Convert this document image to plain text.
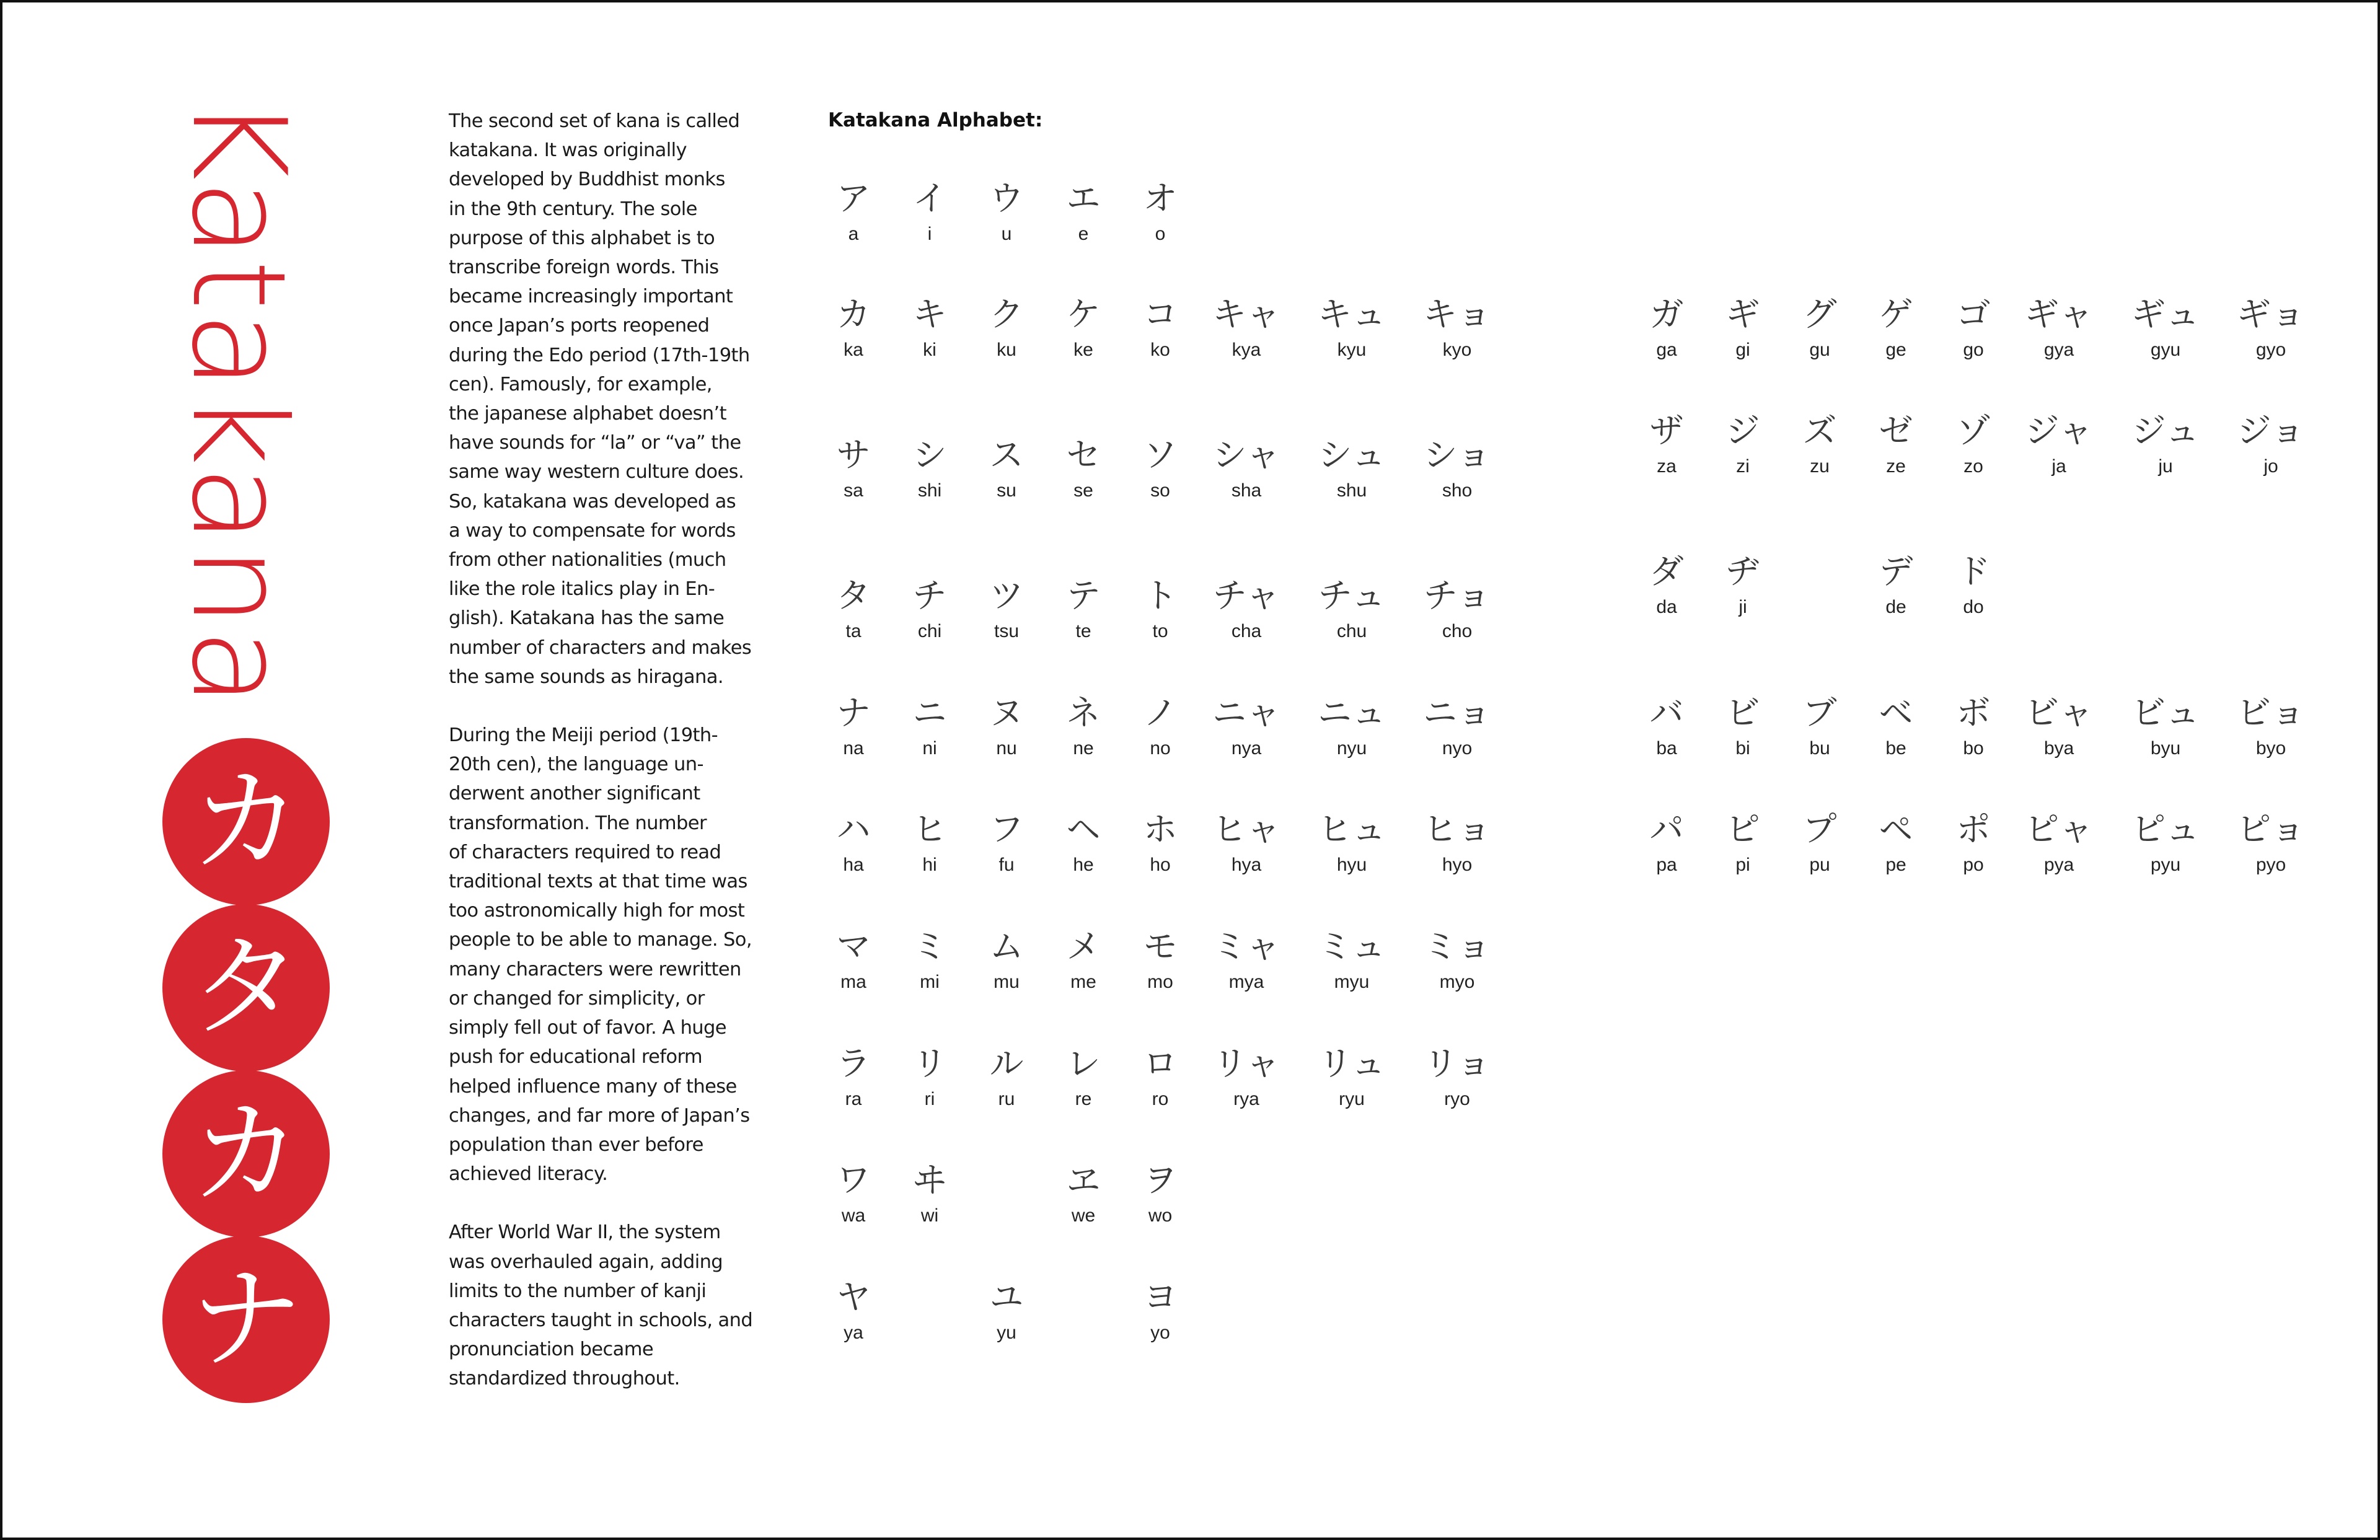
Katakana
カ
タ
カ
ナ

The second set of kana is called
katakana. It was originally
developed by Buddhist monks
in the 9th century. The sole
purpose of this alphabet is to
transcribe foreign words. This
became increasingly important
once Japan’s ports reopened
during the Edo period (17th-19th
cen). Famously, for example,
the japanese alphabet doesn’t
have sounds for “la” or “va” the
same way western culture does.
So, katakana was developed as
a way to compensate for words
from other nationalities (much
like the role italics play in En-
glish). Katakana has the same
number of characters and makes
the same sounds as hiragana.

During the Meiji period (19th-
20th cen), the language un-
derwent another significant
transformation. The number
of characters required to read
traditional texts at that time was
too astronomically high for most
people to be able to manage. So,
many characters were rewritten
or changed for simplicity, or
simply fell out of favor. A huge
push for educational reform
helped influence many of these
changes, and far more of Japan’s
population than ever before
achieved literacy.

After World War II, the system
was overhauled again, adding
limits to the number of kanji
characters taught in schools, and
pronunciation became
standardized throughout.

Katakana Alphabet:
ア
a
イ
i
ウ
u
エ
e
オ
o
カ
ka
キ
ki
ク
ku
ケ
ke
コ
ko
キャ
kya
キュ
kyu
キョ
kyo
サ
sa
シ
shi
ス
su
セ
se
ソ
so
シャ
sha
シュ
shu
ショ
sho
タ
ta
チ
chi
ツ
tsu
テ
te
ト
to
チャ
cha
チュ
chu
チョ
cho
ナ
na
ニ
ni
ヌ
nu
ネ
ne
ノ
no
ニャ
nya
ニュ
nyu
ニョ
nyo
ハ
ha
ヒ
hi
フ
fu
ヘ
he
ホ
ho
ヒャ
hya
ヒュ
hyu
ヒョ
hyo
マ
ma
ミ
mi
ム
mu
メ
me
モ
mo
ミャ
mya
ミュ
myu
ミョ
myo
ラ
ra
リ
ri
ル
ru
レ
re
ロ
ro
リャ
rya
リュ
ryu
リョ
ryo
ワ
wa
ヰ
wi
ヱ
we
ヲ
wo
ヤ
ya
ユ
yu
ヨ
yo
ガ
ga
ギ
gi
グ
gu
ゲ
ge
ゴ
go
ギャ
gya
ギュ
gyu
ギョ
gyo
ザ
za
ジ
zi
ズ
zu
ゼ
ze
ゾ
zo
ジャ
ja
ジュ
ju
ジョ
jo
ダ
da
ヂ
ji
デ
de
ド
do
バ
ba
ビ
bi
ブ
bu
ベ
be
ボ
bo
ビャ
bya
ビュ
byu
ビョ
byo
パ
pa
ピ
pi
プ
pu
ペ
pe
ポ
po
ピャ
pya
ピュ
pyu
ピョ
pyo
